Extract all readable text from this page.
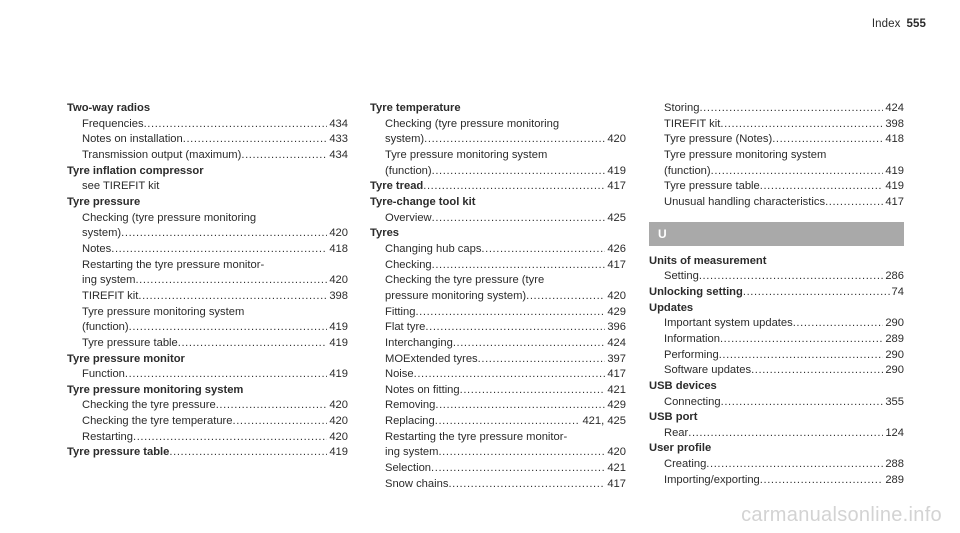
Index 555
Two-way radios
Frequencies .....	434
Notes on installation .....	433
Transmission output (maximum) .....	434
Tyre inflation compressor
see TIREFIT kit
Tyre pressure
Checking (tyre pressure monitoring
system) .....	420
Notes .....	418
Restarting the tyre pressure monitor-
ing system .....	420
TIREFIT kit .....	398
Tyre pressure monitoring system
(function) .....	419
Tyre pressure table .....	419
Tyre pressure monitor
Function .....	419
Tyre pressure monitoring system
Checking the tyre pressure .....	420
Checking the tyre temperature .....	420
Restarting .....	420
Tyre pressure table .....	419
Tyre temperature
Checking (tyre pressure monitoring
system) .....	420
Tyre pressure monitoring system
(function) .....	419
Tyre tread .....	417
Tyre-change tool kit
Overview .....	425
Tyres
Changing hub caps .....	426
Checking .....	417
Checking the tyre pressure (tyre
pressure monitoring system) .....	420
Fitting .....	429
Flat tyre .....	396
Interchanging .....	424
MOExtended tyres .....	397
Noise .....	417
Notes on fitting .....	421
Removing .....	429
Replacing .....	421, 425
Restarting the tyre pressure monitor-
ing system .....	420
Selection .....	421
Snow chains .....	417
Storing .....	424
TIREFIT kit .....	398
Tyre pressure (Notes) .....	418
Tyre pressure monitoring system
(function) .....	419
Tyre pressure table .....	419
Unusual handling characteristics .....	417
U
Units of measurement
Setting .....	286
Unlocking setting .....	74
Updates
Important system updates .....	290
Information .....	289
Performing .....	290
Software updates .....	290
USB devices
Connecting .....	355
USB port
Rear .....	124
User profile
Creating .....	288
Importing/exporting .....	289
carmanualsonline.info
